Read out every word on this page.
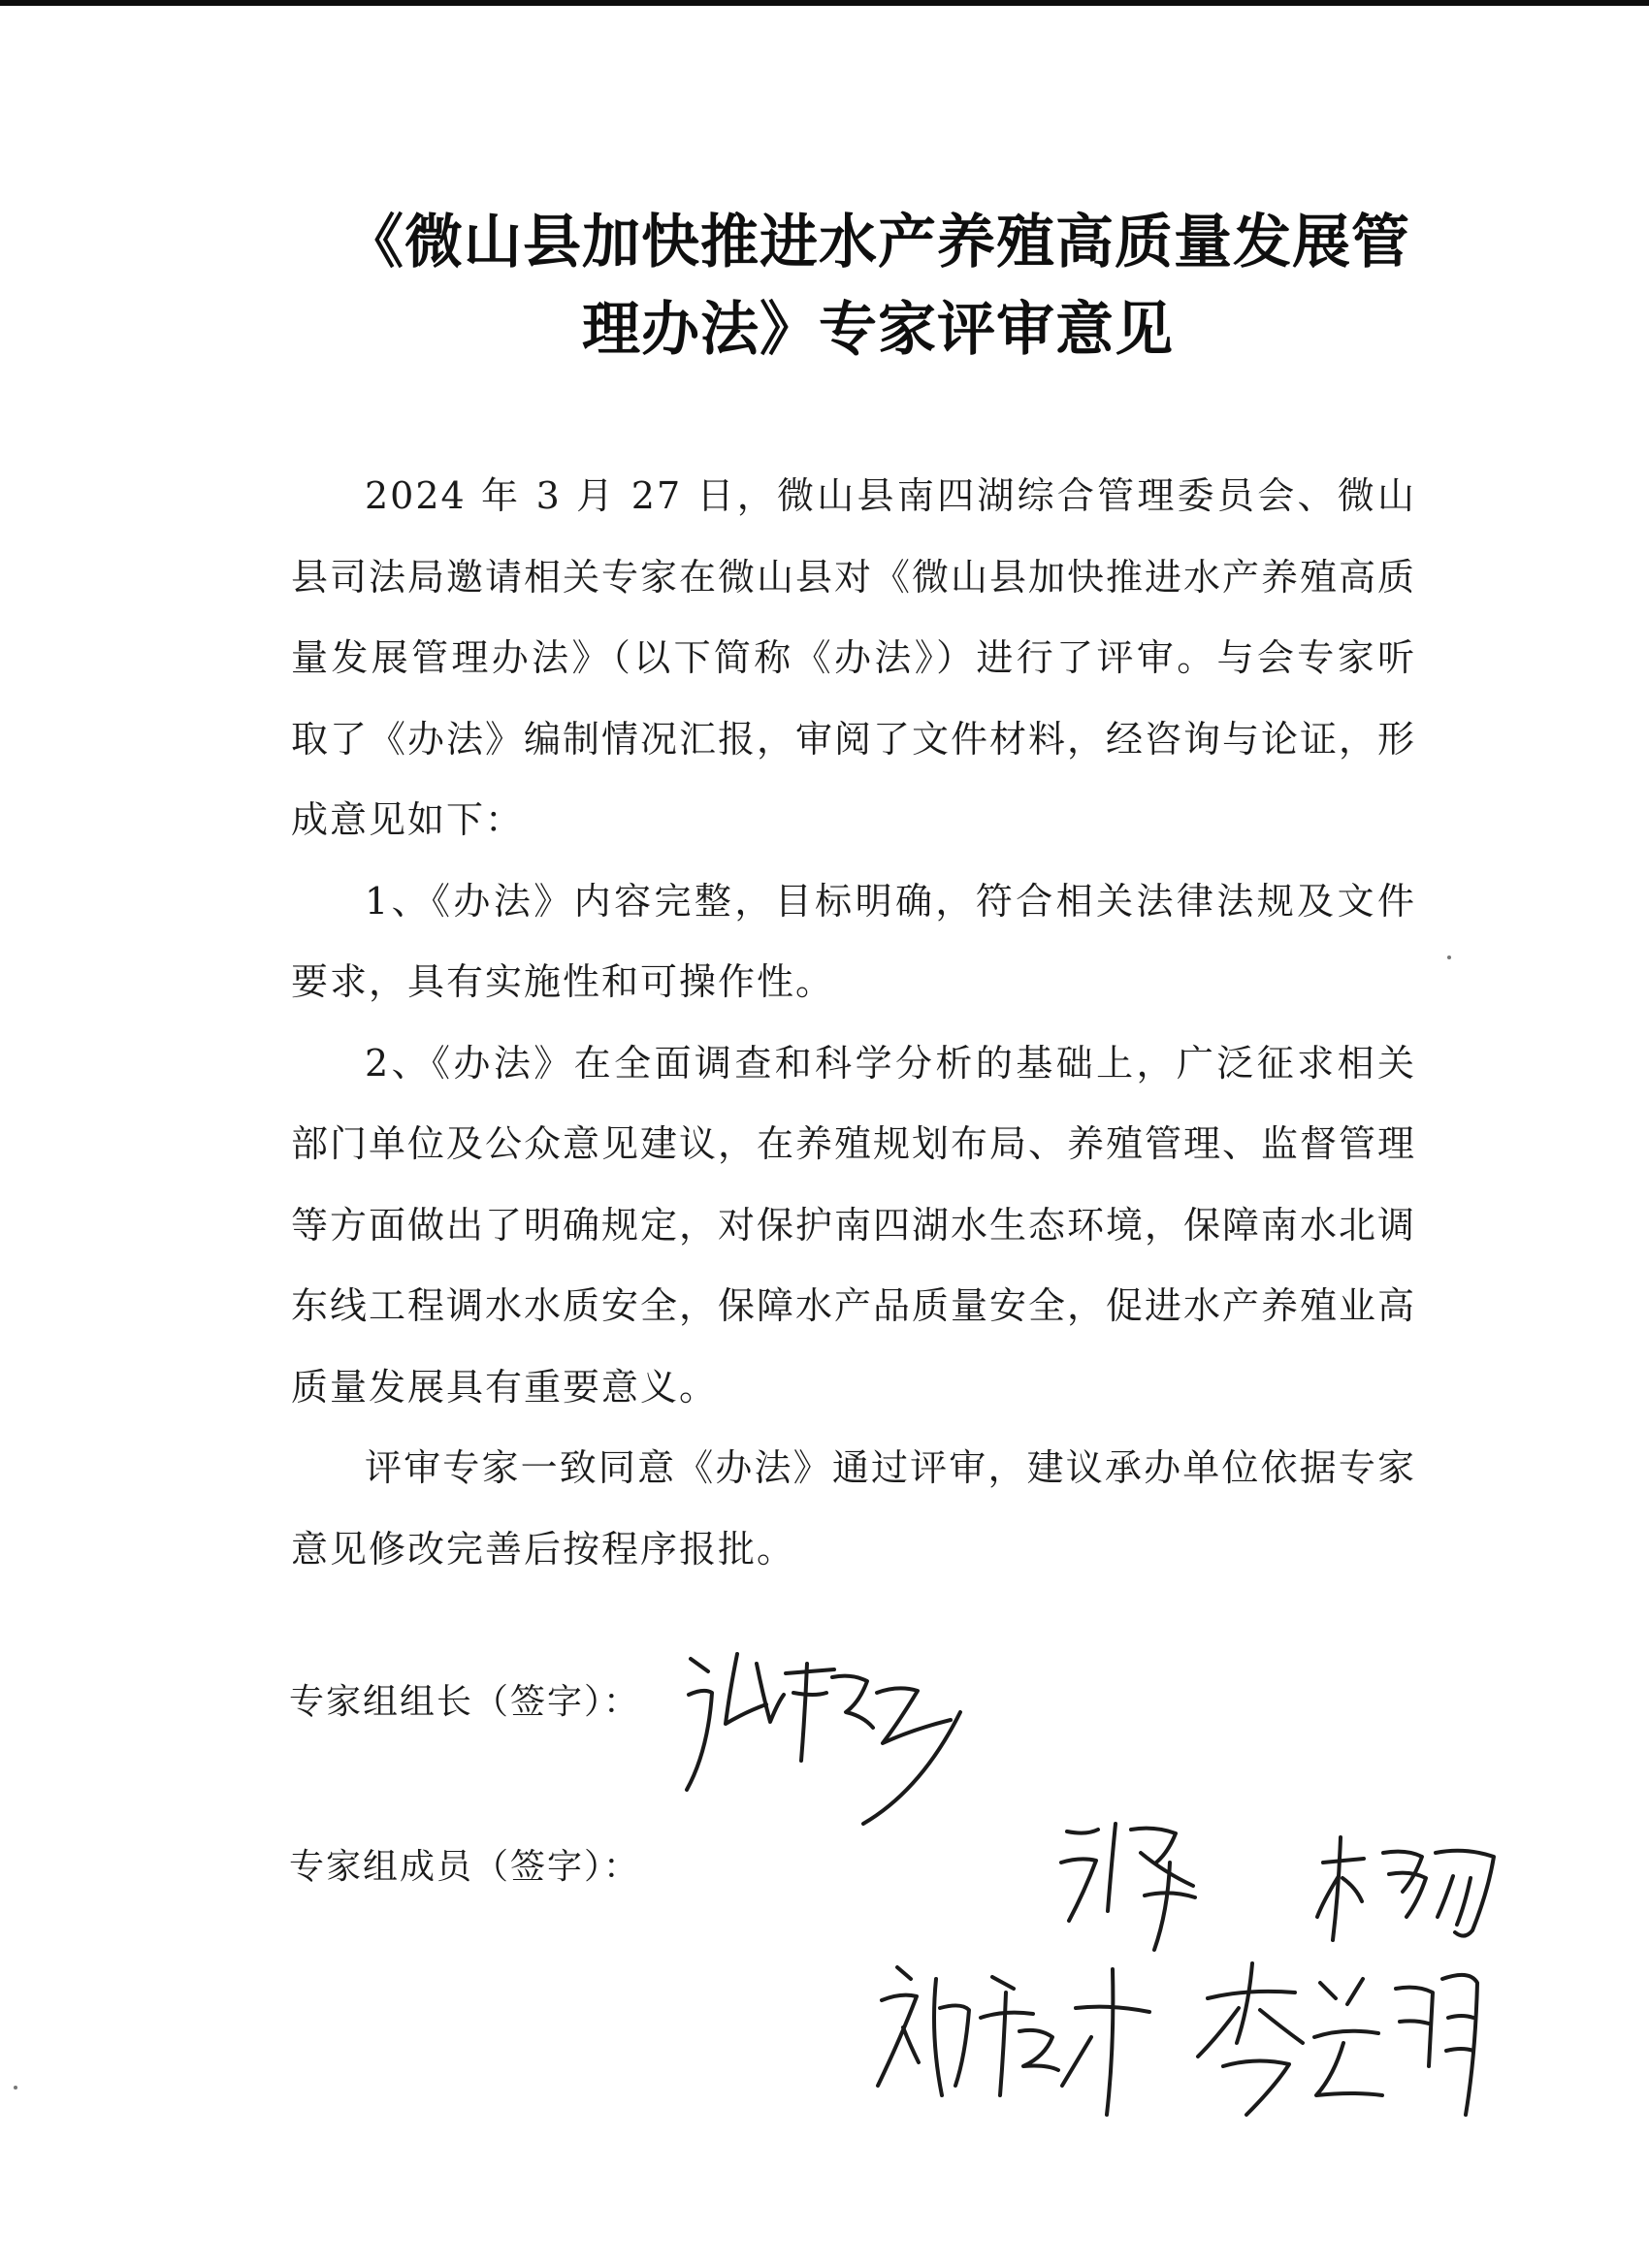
《微山县加快推进水产养殖高质量发展管
理办法》专家评审意见

2024 年 3 月 27 日，微山县南四湖综合管理委员会、微山县司法局邀请相关专家在微山县对《微山县加快推进水产养殖高质量发展管理办法》（以下简称《办法》）进行了评审。与会专家听取了《办法》编制情况汇报，审阅了文件材料，经咨询与论证，形成意见如下：

1、《办法》内容完整，目标明确，符合相关法律法规及文件要求，具有实施性和可操作性。

2、《办法》在全面调查和科学分析的基础上，广泛征求相关部门单位及公众意见建议，在养殖规划布局、养殖管理、监督管理等方面做出了明确规定，对保护南四湖水生态环境，保障南水北调东线工程调水水质安全，保障水产品质量安全，促进水产养殖业高质量发展具有重要意义。

评审专家一致同意《办法》通过评审，建议承办单位依据专家意见修改完善后按程序报批。

专家组组长（签字）：

专家组成员（签字）：
